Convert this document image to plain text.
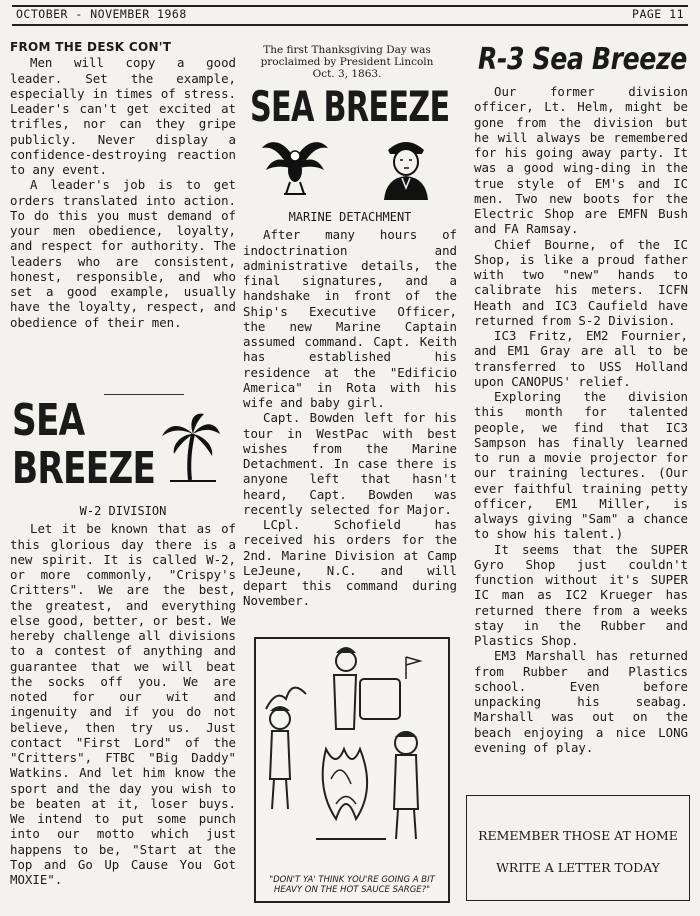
OCTOBER - NOVEMBER 1968	PAGE 11
FROM THE DESK CON'T

Men will copy a good leader. Set the example, especially in times of stress. Leader's can't get excited at trifles, nor can they gripe publicly. Never display a confidence-destroying reaction to any event.

A leader's job is to get orders translated into action. To do this you must demand of your men obedience, loyalty, and respect for authority. The leaders who are consistent, honest, responsible, and who set a good example, usually have the loyalty, respect, and obedience of their men.

SEA
BREEZE
W-2 DIVISION

Let it be known that as of this glorious day there is a new spirit. It is called W-2, or more commonly, "Crispy's Critters". We are the best, the greatest, and everything else good, better, or best. We hereby challenge all divisions to a contest of anything and guarantee that we will beat the socks off you. We are noted for our wit and ingenuity and if you do not believe, then try us. Just contact "First Lord" of the "Critters", FTBC "Big Daddy" Watkins. And let him know the sport and the day you wish to be beaten at it, loser buys. We intend to put some punch into our motto which just happens to be, "Start at the Top and Go Up Cause You Got MOXIE".

The first Thanksgiving Day was proclaimed by President Lincoln Oct. 3, 1863.
SEA BREEZE
MARINE DETACHMENT

After many hours of indoctrination and administrative details, the final signatures, and a handshake in front of the Ship's Executive Officer, the new Marine Captain assumed command. Capt. Keith has established his residence at the "Edificio America" in Rota with his wife and baby girl.

Capt. Bowden left for his tour in WestPac with best wishes from the Marine Detachment. In case there is anyone left that hasn't heard, Capt. Bowden was recently selected for Major.

LCpl. Schofield has received his orders for the 2nd. Marine Division at Camp LeJeune, N.C. and will depart this command during November.

"DON'T YA' THINK YOU'RE GOING A BIT HEAVY ON THE HOT SAUCE SARGE?"
R-3 Sea Breeze

Our former division officer, Lt. Helm, might be gone from the division but he will always be remembered for his going away party. It was a good wing-ding in the true style of EM's and IC men. Two new boots for the Electric Shop are EMFN Bush and FA Ramsay.

Chief Bourne, of the IC Shop, is like a proud father with two "new" hands to calibrate his meters. ICFN Heath and IC3 Caufield have returned from S-2 Division.

IC3 Fritz, EM2 Fournier, and EM1 Gray are all to be transferred to USS Holland upon CANOPUS' relief.

Exploring the division this month for talented people, we find that IC3 Sampson has finally learned to run a movie projector for our training lectures. (Our ever faithful training petty officer, EM1 Miller, is always giving "Sam" a chance to show his talent.)

It seems that the SUPER Gyro Shop just couldn't function without it's SUPER IC man as IC2 Krueger has returned there from a weeks stay in the Rubber and Plastics Shop.

EM3 Marshall has returned from Rubber and Plastics school. Even before unpacking his seabag. Marshall was out on the beach enjoying a nice LONG evening of play.

REMEMBER THOSE AT HOME
WRITE A LETTER TODAY
